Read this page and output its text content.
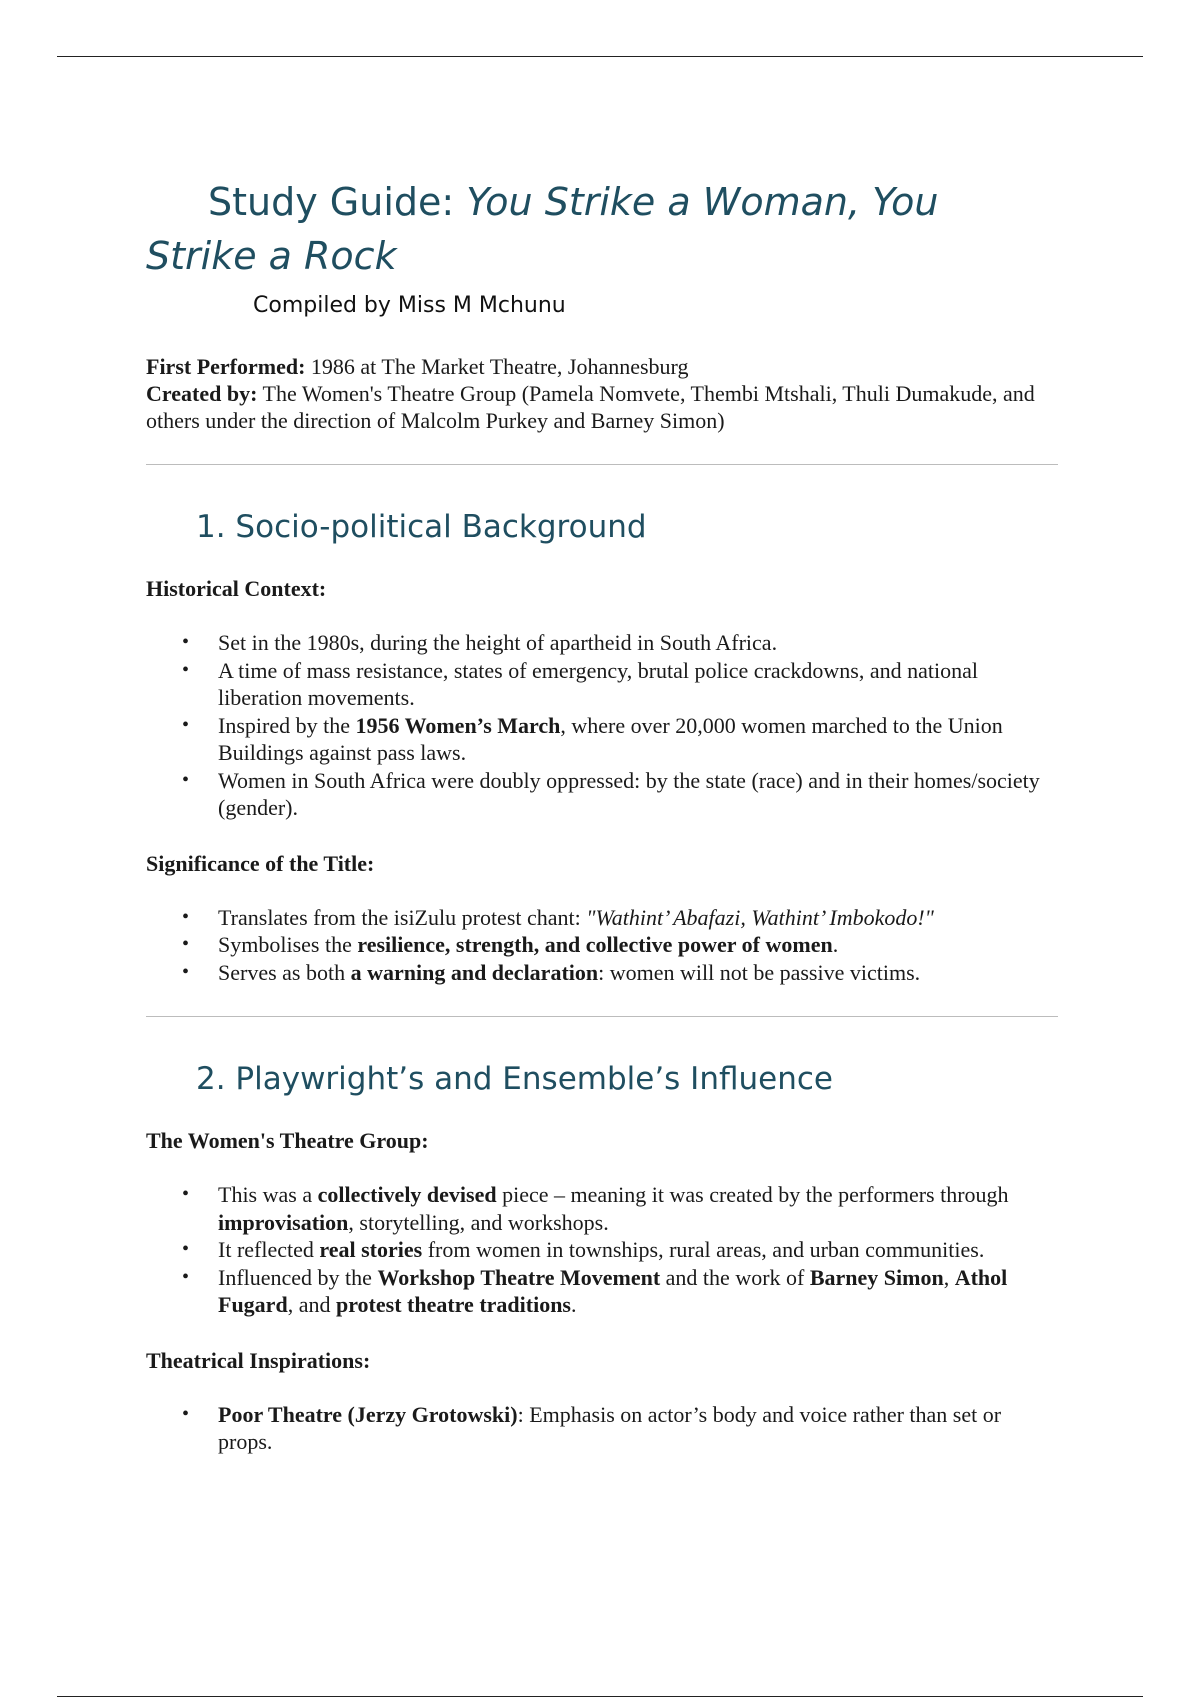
Study Guide: You Strike a Woman, You Strike a Rock
Compiled by Miss M Mchunu
First Performed: 1986 at The Market Theatre, Johannesburg
Created by: The Women's Theatre Group (Pamela Nomvete, Thembi Mtshali, Thuli Dumakude, and others under the direction of Malcolm Purkey and Barney Simon)
1. Socio-political Background
Historical Context:
• Set in the 1980s, during the height of apartheid in South Africa.
• A time of mass resistance, states of emergency, brutal police crackdowns, and national liberation movements.
• Inspired by the 1956 Women’s March, where over 20,000 women marched to the Union Buildings against pass laws.
• Women in South Africa were doubly oppressed: by the state (race) and in their homes/society (gender).
Significance of the Title:
• Translates from the isiZulu protest chant: "Wathint’ Abafazi, Wathint’ Imbokodo!"
• Symbolises the resilience, strength, and collective power of women.
• Serves as both a warning and declaration: women will not be passive victims.
2. Playwright’s and Ensemble’s Influence
The Women's Theatre Group:
• This was a collectively devised piece – meaning it was created by the performers through improvisation, storytelling, and workshops.
• It reflected real stories from women in townships, rural areas, and urban communities.
• Influenced by the Workshop Theatre Movement and the work of Barney Simon, Athol Fugard, and protest theatre traditions.
Theatrical Inspirations:
• Poor Theatre (Jerzy Grotowski): Emphasis on actor’s body and voice rather than set or props.
